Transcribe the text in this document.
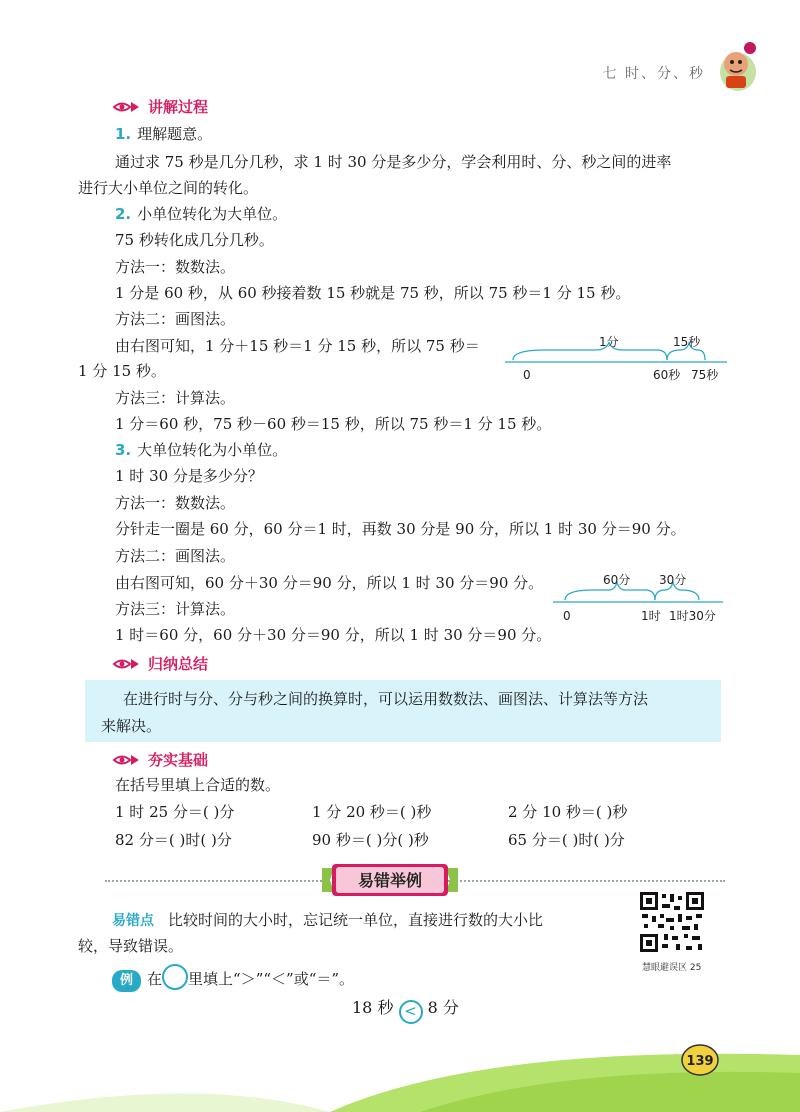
七 时、分、秒
讲解过程
1. 理解题意。
通过求 75 秒是几分几秒，求 1 时 30 分是多少分，学会利用时、分、秒之间的进率
进行大小单位之间的转化。
2. 小单位转化为大单位。
75 秒转化成几分几秒。
方法一：数数法。
1 分是 60 秒，从 60 秒接着数 15 秒就是 75 秒，所以 75 秒＝1 分 15 秒。
方法二：画图法。
由右图可知，1 分＋15 秒＝1 分 15 秒，所以 75 秒＝
1 分 15 秒。
1分	15秒
0	60秒 75秒
方法三：计算法。
1 分＝60 秒，75 秒－60 秒＝15 秒，所以 75 秒＝1 分 15 秒。
3. 大单位转化为小单位。
1 时 30 分是多少分？
方法一：数数法。
分针走一圈是 60 分，60 分＝1 时，再数 30 分是 90 分，所以 1 时 30 分＝90 分。
方法二：画图法。
由右图可知，60 分＋30 分＝90 分，所以 1 时 30 分＝90 分。	60分 30分
0	1时 1时30分
方法三：计算法。
1 时＝60 分，60 分＋30 分＝90 分，所以 1 时 30 分＝90 分。
归纳总结

在进行时与分、分与秒之间的换算时，可以运用数数法、画图法、计算法等方法

来解决。

夯实基础
在括号里填上合适的数。
1 时 25 分＝( )分	1 分 20 秒＝( )秒	2 分 10 秒＝( )秒
82 分＝( )时( )分	90 秒＝( )分( )秒	65 分＝( )时( )分
易错举例
易错点 比较时间的大小时，忘记统一单位，直接进行数的大小比
较，导致错误。
慧眼避误区 25
例 在 里填上“＞”“＜”或“＝”。
18 秒 < 8 分
139
